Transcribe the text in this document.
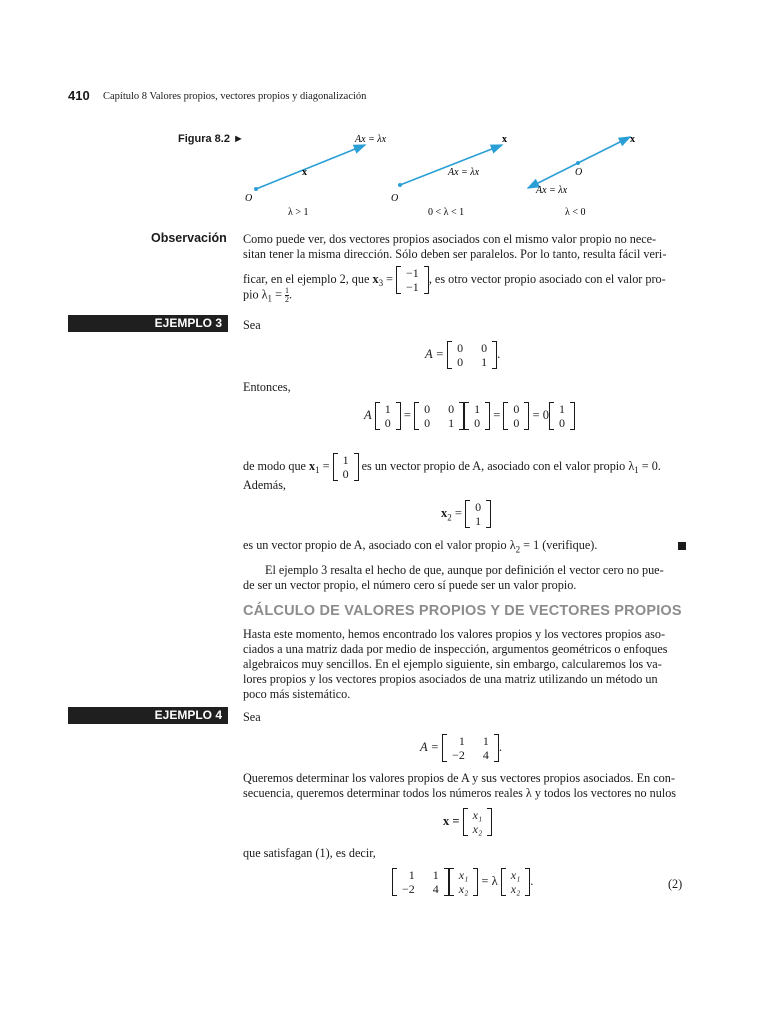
410 Capítulo 8 Valores propios, vectores propios y diagonalización
Figura 8.2 ►	Ax = λx
x
O
λ > 1
x
Ax = λx
O
0 < λ < 1
x
Ax = λx
O
λ < 0
Observación Como puede ver, dos vectores propios asociados con el mismo valor propio no nece-
sitan tener la misma dirección. Sólo deben ser paralelos. Por lo tanto, resulta fácil veri-
ficar, en el ejemplo 2, que $x_3 = -1$
−1
, es otro vector propio asociado con el valor pro-
pio $\lambda_1 = \frac{1}{2}$ .
EJEMPLO 3	Sea
A = 0	0
0	1
.
Entonces,
A 1
0
= 0	0
0	1
1
0
= 0
0
= 0 1
0
de modo que $x_1 = 1$
0
es un vector propio de A, asociado con el valor propio $\lambda_1 = 0$.
Además,
$x_2 = 0$
1
es un vector propio de A, asociado con el valor propio $\lambda_2 = 1$ (verifique).
El ejemplo 3 resalta el hecho de que, aunque por definición el vector cero no pue-
de ser un vector propio, el número cero sí puede ser un valor propio.
CÁLCULO DE VALORES PROPIOS Y DE VECTORES PROPIOS
Hasta este momento, hemos encontrado los valores propios y los vectores propios aso-
ciados a una matriz dada por medio de inspección, argumentos geométricos o enfoques
algebraicos muy sencillos. En el ejemplo siguiente, sin embargo, calcularemos los va-
lores propios y los vectores propios asociados de una matriz utilizando un método un
poco más sistemático.
EJEMPLO 4	Sea
A = 1	1
−2	4
.
Queremos determinar los valores propios de A y sus vectores propios asociados. En con-
secuencia, queremos determinar todos los números reales λ y todos los vectores no nulos
x = x₁
x₂
que satisfagan (1), es decir,
1	1
−2	4
x₁
x₂
= λ x₁
x₂
.	(2)
